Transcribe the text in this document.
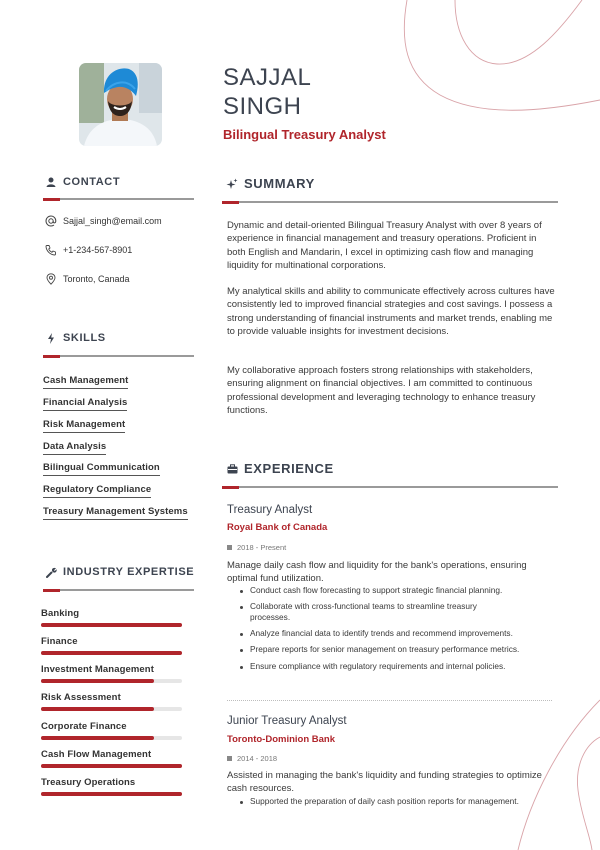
SAJJAL
SINGH
Bilingual Treasury Analyst
CONTACT
Sajjal_singh@email.com
+1-234-567-8901
Toronto, Canada
SKILLS
Cash Management
Financial Analysis
Risk Management
Data Analysis
Bilingual Communication
Regulatory Compliance
Treasury Management Systems
INDUSTRY EXPERTISE
Banking
Finance
Investment Management
Risk Assessment
Corporate Finance
Cash Flow Management
Treasury Operations
SUMMARY
Dynamic and detail-oriented Bilingual Treasury Analyst with over 8 years of experience in financial management and treasury operations. Proficient in both English and Mandarin, I excel in optimizing cash flow and managing liquidity for multinational corporations.
My analytical skills and ability to communicate effectively across cultures have consistently led to improved financial strategies and cost savings. I possess a strong understanding of financial instruments and market trends, enabling me to provide valuable insights for investment decisions.
My collaborative approach fosters strong relationships with stakeholders, ensuring alignment on financial objectives. I am committed to continuous professional development and leveraging technology to enhance treasury functions.
EXPERIENCE
Treasury Analyst
Royal Bank of Canada
2018 - Present
Manage daily cash flow and liquidity for the bank's operations, ensuring optimal fund utilization.
Conduct cash flow forecasting to support strategic financial planning.
Collaborate with cross-functional teams to streamline treasury processes.
Analyze financial data to identify trends and recommend improvements.
Prepare reports for senior management on treasury performance metrics.
Ensure compliance with regulatory requirements and internal policies.
Junior Treasury Analyst
Toronto-Dominion Bank
2014 - 2018
Assisted in managing the bank's liquidity and funding strategies to optimize cash resources.
Supported the preparation of daily cash position reports for management.
